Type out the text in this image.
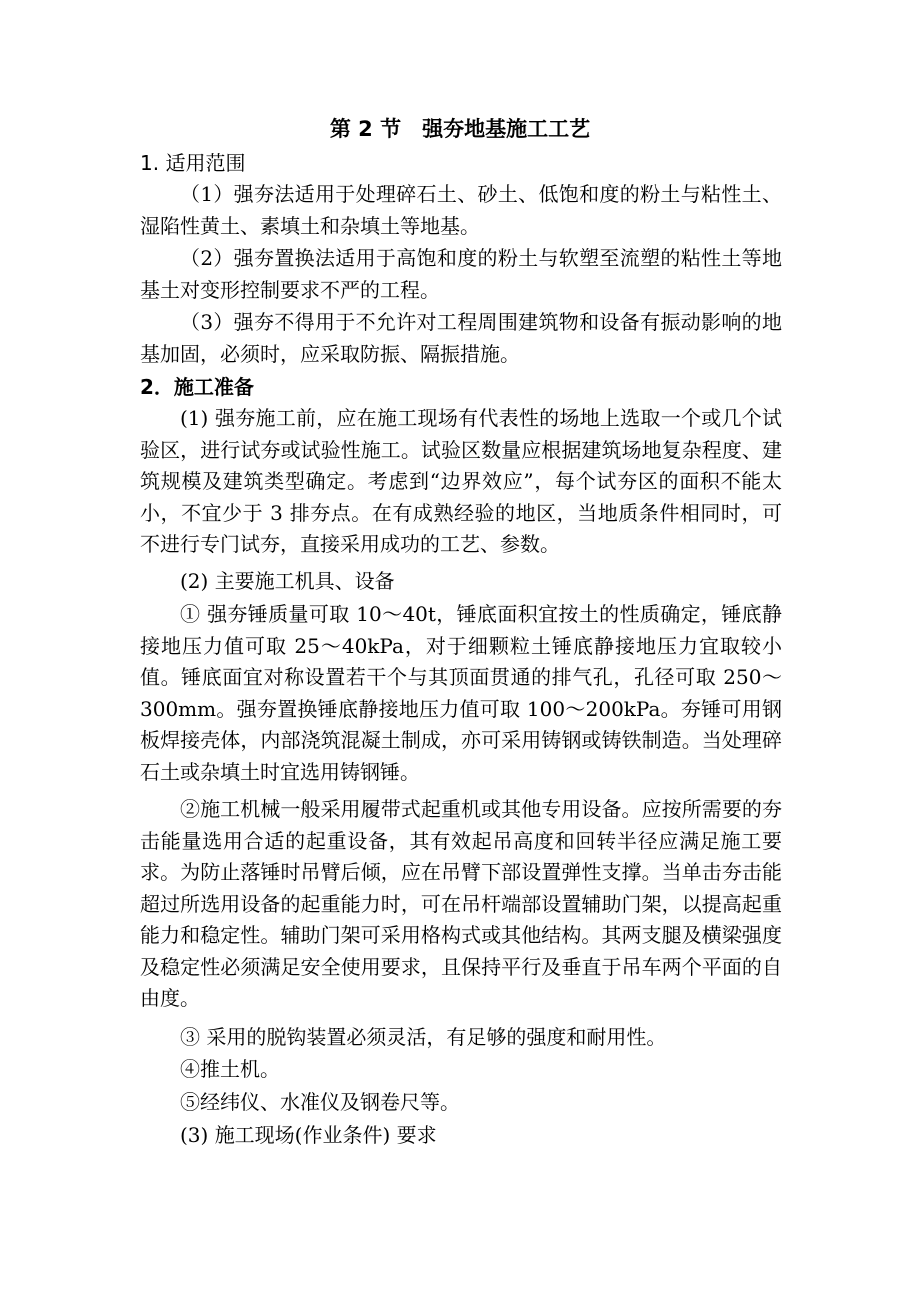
第 2 节　强夯地基施工工艺
1. 适用范围
（1）强夯法适用于处理碎石土、砂土、低饱和度的粉土与粘性土、湿陷性黄土、素填土和杂填土等地基。
（2）强夯置换法适用于高饱和度的粉土与软塑至流塑的粘性土等地基土对变形控制要求不严的工程。
（3）强夯不得用于不允许对工程周围建筑物和设备有振动影响的地基加固，必须时，应采取防振、隔振措施。
2．施工准备
(1) 强夯施工前，应在施工现场有代表性的场地上选取一个或几个试验区，进行试夯或试验性施工。试验区数量应根据建筑场地复杂程度、建筑规模及建筑类型确定。考虑到“边界效应”，每个试夯区的面积不能太小，不宜少于 3 排夯点。在有成熟经验的地区，当地质条件相同时，可不进行专门试夯，直接采用成功的工艺、参数。
(2) 主要施工机具、设备
① 强夯锤质量可取 10～40t，锤底面积宜按土的性质确定，锤底静接地压力值可取 25～40kPa，对于细颗粒土锤底静接地压力宜取较小值。锤底面宜对称设置若干个与其顶面贯通的排气孔，孔径可取 250～300mm。强夯置换锤底静接地压力值可取 100～200kPa。夯锤可用钢板焊接壳体，内部浇筑混凝土制成，亦可采用铸钢或铸铁制造。当处理碎石土或杂填土时宜选用铸钢锤。
②施工机械一般采用履带式起重机或其他专用设备。应按所需要的夯击能量选用合适的起重设备，其有效起吊高度和回转半径应满足施工要求。为防止落锤时吊臂后倾，应在吊臂下部设置弹性支撑。当单击夯击能超过所选用设备的起重能力时，可在吊杆端部设置辅助门架，以提高起重能力和稳定性。辅助门架可采用格构式或其他结构。其两支腿及横梁强度及稳定性必须满足安全使用要求，且保持平行及垂直于吊车两个平面的自由度。
③ 采用的脱钩装置必须灵活，有足够的强度和耐用性。
④推土机。
⑤经纬仪、水准仪及钢卷尺等。
(3) 施工现场(作业条件) 要求
